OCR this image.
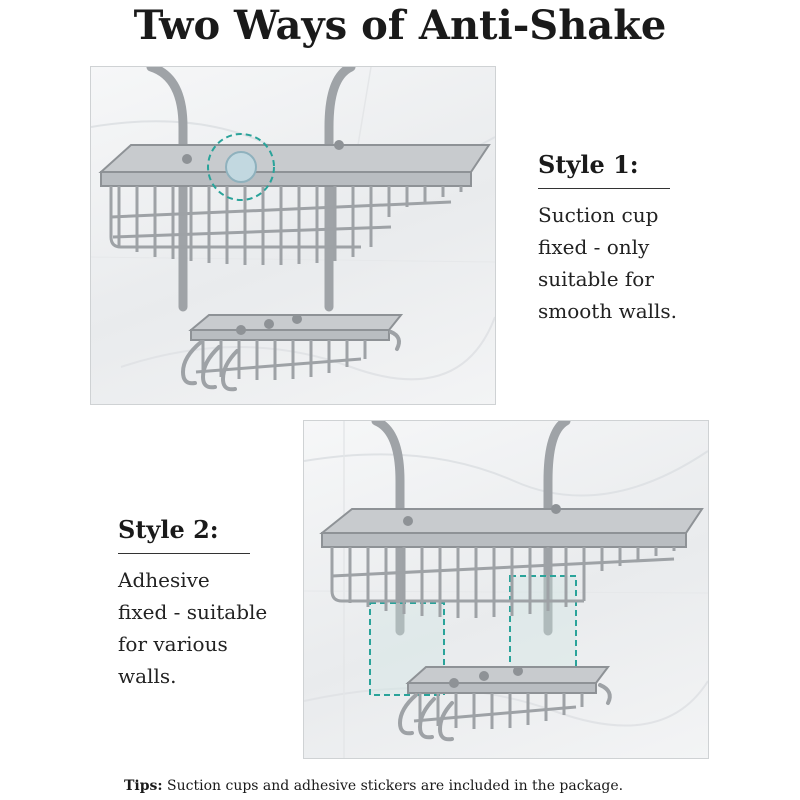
Two Ways of Anti-Shake
Style 1:
Suction cup
fixed - only
suitable for
smooth walls.
Style 2:
Adhesive
fixed - suitable
for various
walls.
Tips: Suction cups and adhesive stickers are included in the package.
